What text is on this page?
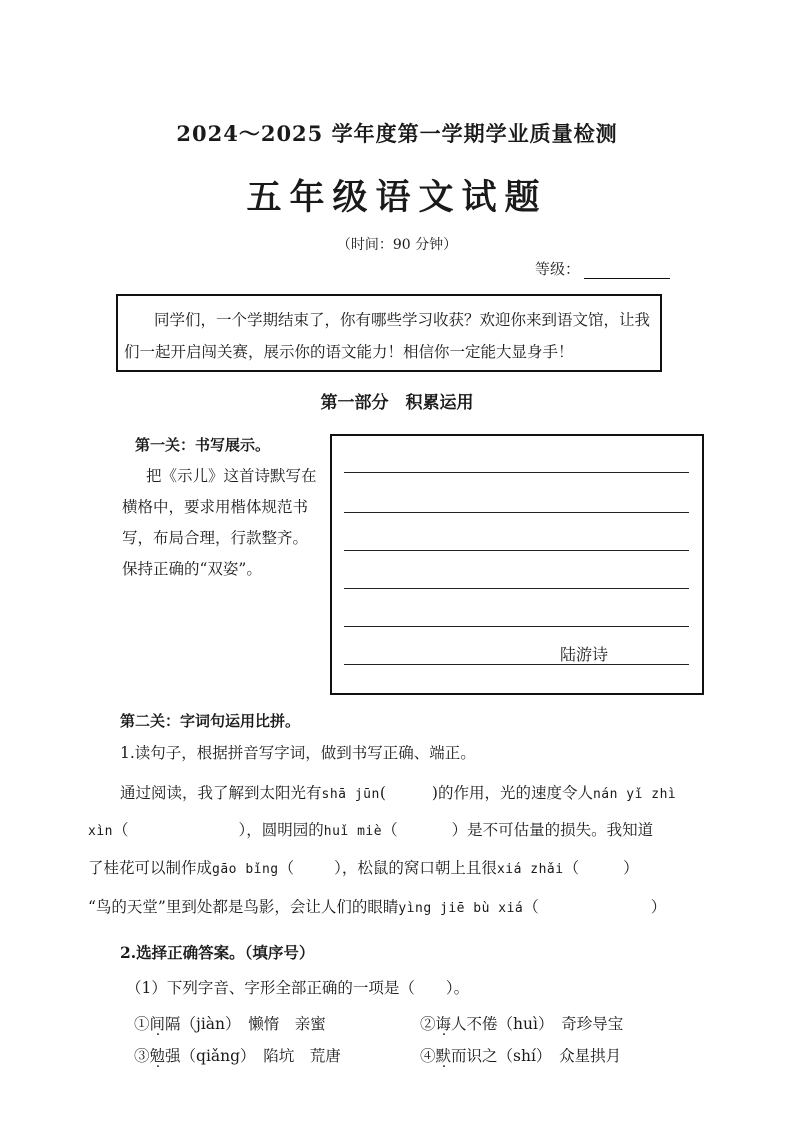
2024～2025 学年度第一学期学业质量检测
五年级语文试题
（时间：90 分钟）
等级：
同学们，一个学期结束了，你有哪些学习收获？欢迎你来到语文馆，让我们一起开启闯关赛，展示你的语文能力！相信你一定能大显身手！
第一部分　积累运用
第一关：书写展示。
把《示儿》这首诗默写在横格中，要求用楷体规范书写，布局合理，行款整齐。保持正确的“双姿”。
陆游诗
第二关：字词句运用比拼。
1.读句子，根据拼音写字词，做到书写正确、端正。
通过阅读，我了解到太阳光有shā jūn(	)的作用，光的速度令人nán yǐ zhì
xìn（	），圆明园的huǐ miè（	）是不可估量的损失。我知道
了桂花可以制作成gāo bǐng（	），松鼠的窝口朝上且很xiá zhǎi（	）
“鸟的天堂”里到处都是鸟影，会让人们的眼睛yìng jiē bù xiá（	）
2.选择正确答案。（填序号）
（1）下列字音、字形全部正确的一项是（　　）。
①间隔（jiàn）　懒惰　亲蜜	②诲人不倦（huì）　奇珍导宝
③勉强（qiǎng）　陷坑　荒唐	④默而识之（shí）　众星拱月
